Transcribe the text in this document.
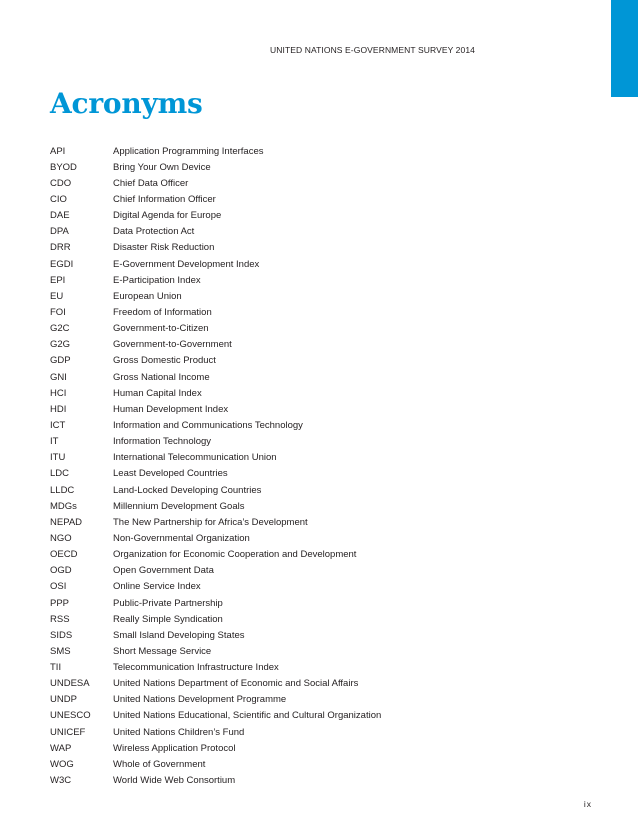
UNITED NATIONS E-GOVERNMENT SURVEY 2014
Acronyms
API	Application Programming Interfaces
BYOD	Bring Your Own Device
CDO	Chief Data Officer
CIO	Chief Information Officer
DAE	Digital Agenda for Europe
DPA	Data Protection Act
DRR	Disaster Risk Reduction
EGDI	E-Government Development Index
EPI	E-Participation Index
EU	European Union
FOI	Freedom of Information
G2C	Government-to-Citizen
G2G	Government-to-Government
GDP	Gross Domestic Product
GNI	Gross National Income
HCI	Human Capital Index
HDI	Human Development Index
ICT	Information and Communications Technology
IT	Information Technology
ITU	International Telecommunication Union
LDC	Least Developed Countries
LLDC	Land-Locked Developing Countries
MDGs	Millennium Development Goals
NEPAD	The New Partnership for Africa’s Development
NGO	Non-Governmental Organization
OECD	Organization for Economic Cooperation and Development
OGD	Open Government Data
OSI	Online Service Index
PPP	Public-Private Partnership
RSS	Really Simple Syndication
SIDS	Small Island Developing States
SMS	Short Message Service
TII	Telecommunication Infrastructure Index
UNDESA	United Nations Department of Economic and Social Affairs
UNDP	United Nations Development Programme
UNESCO	United Nations Educational, Scientific and Cultural Organization
UNICEF	United Nations Children’s Fund
WAP	Wireless Application Protocol
WOG	Whole of Government
W3C	World Wide Web Consortium
ix
